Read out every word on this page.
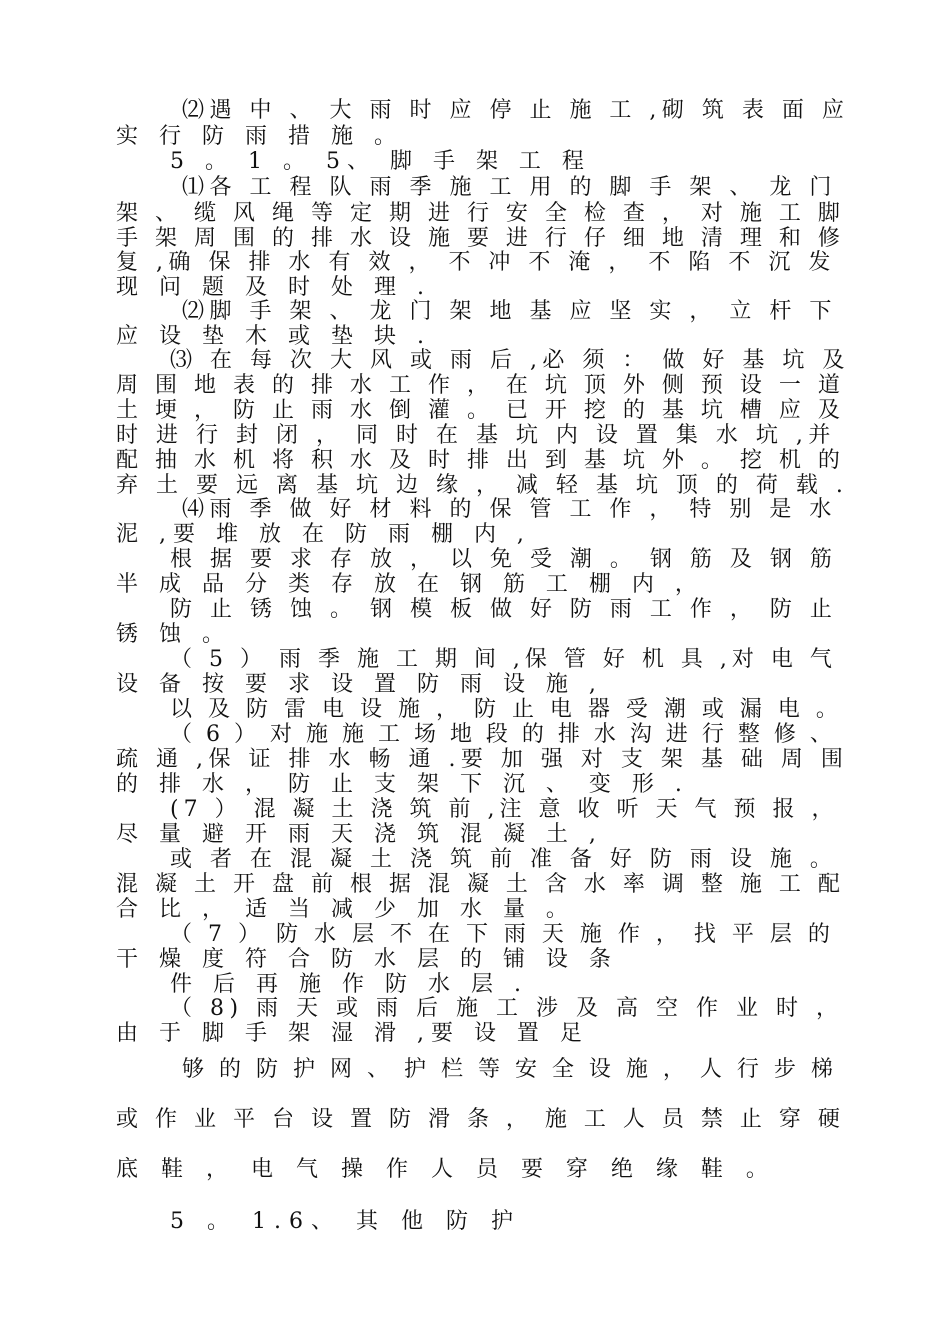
⑵遇 中 、 大 雨 时 应 停 止 施 工 ,砌 筑 表 面 应
实 行 防 雨 措 施 。
5 。 1 。 5、 脚 手 架 工 程
⑴各 工 程 队 雨 季 施 工 用 的 脚 手 架 、 龙 门
架 、 缆 风 绳 等 定 期 进 行 安 全 检 查 ， 对 施 工 脚
手 架 周 围 的 排 水 设 施 要 进 行 仔 细 地 清 理 和 修
复 ,确 保 排 水 有 效 ， 不 冲 不 淹 ， 不 陷 不 沉 发
现 问 题 及 时 处 理 .
⑵脚 手 架 、 龙 门 架 地 基 应 坚 实 ， 立 杆 下
应 设 垫 木 或 垫 块 .
⑶ 在 每 次 大 风 或 雨 后 ,必 须 ： 做 好 基 坑 及
周 围 地 表 的 排 水 工 作 ， 在 坑 顶 外 侧 预 设 一 道
土 埂 ， 防 止 雨 水 倒 灌 。 已 开 挖 的 基 坑 槽 应 及
时 进 行 封 闭 ， 同 时 在 基 坑 内 设 置 集 水 坑 ,并
配 抽 水 机 将 积 水 及 时 排 出 到 基 坑 外 。 挖 机 的
弃 土 要 远 离 基 坑 边 缘 ， 减 轻 基 坑 顶 的 荷 载 .
⑷雨 季 做 好 材 料 的 保 管 工 作 ， 特 别 是 水
泥 ,要 堆 放 在 防 雨 棚 内 ,
根 据 要 求 存 放 ， 以 免 受 潮 。 钢 筋 及 钢 筋
半 成 品 分 类 存 放 在 钢 筋 工 棚 内 ，
防 止 锈 蚀 。 钢 模 板 做 好 防 雨 工 作 ， 防 止
锈 蚀 。
（ 5 ） 雨 季 施 工 期 间 ,保 管 好 机 具 ,对 电 气
设 备 按 要 求 设 置 防 雨 设 施 ,
以 及 防 雷 电 设 施 ， 防 止 电 器 受 潮 或 漏 电 。
（ 6 ） 对 施 施 工 场 地 段 的 排 水 沟 进 行 整 修 、
疏 通 ,保 证 排 水 畅 通 .要 加 强 对 支 架 基 础 周 围
的 排 水 ， 防 止 支 架 下 沉 、 变 形 .
(7 ） 混 凝 土 浇 筑 前 ,注 意 收 听 天 气 预 报 ，
尽 量 避 开 雨 天 浇 筑 混 凝 土 ,
或 者 在 混 凝 土 浇 筑 前 准 备 好 防 雨 设 施 。
混 凝 土 开 盘 前 根 据 混 凝 土 含 水 率 调 整 施 工 配
合 比 ， 适 当 减 少 加 水 量 。
（ 7 ） 防 水 层 不 在 下 雨 天 施 作 ， 找 平 层 的
干 燥 度 符 合 防 水 层 的 铺 设 条
件 后 再 施 作 防 水 层 .
（ 8) 雨 天 或 雨 后 施 工 涉 及 高 空 作 业 时 ，
由 于 脚 手 架 湿 滑 ,要 设 置 足
够 的 防 护 网 、 护 栏 等 安 全 设 施 ， 人 行 步 梯
或 作 业 平 台 设 置 防 滑 条 ， 施 工 人 员 禁 止 穿 硬
底 鞋 ， 电 气 操 作 人 员 要 穿 绝 缘 鞋 。
5 。 1.6、 其 他 防 护
